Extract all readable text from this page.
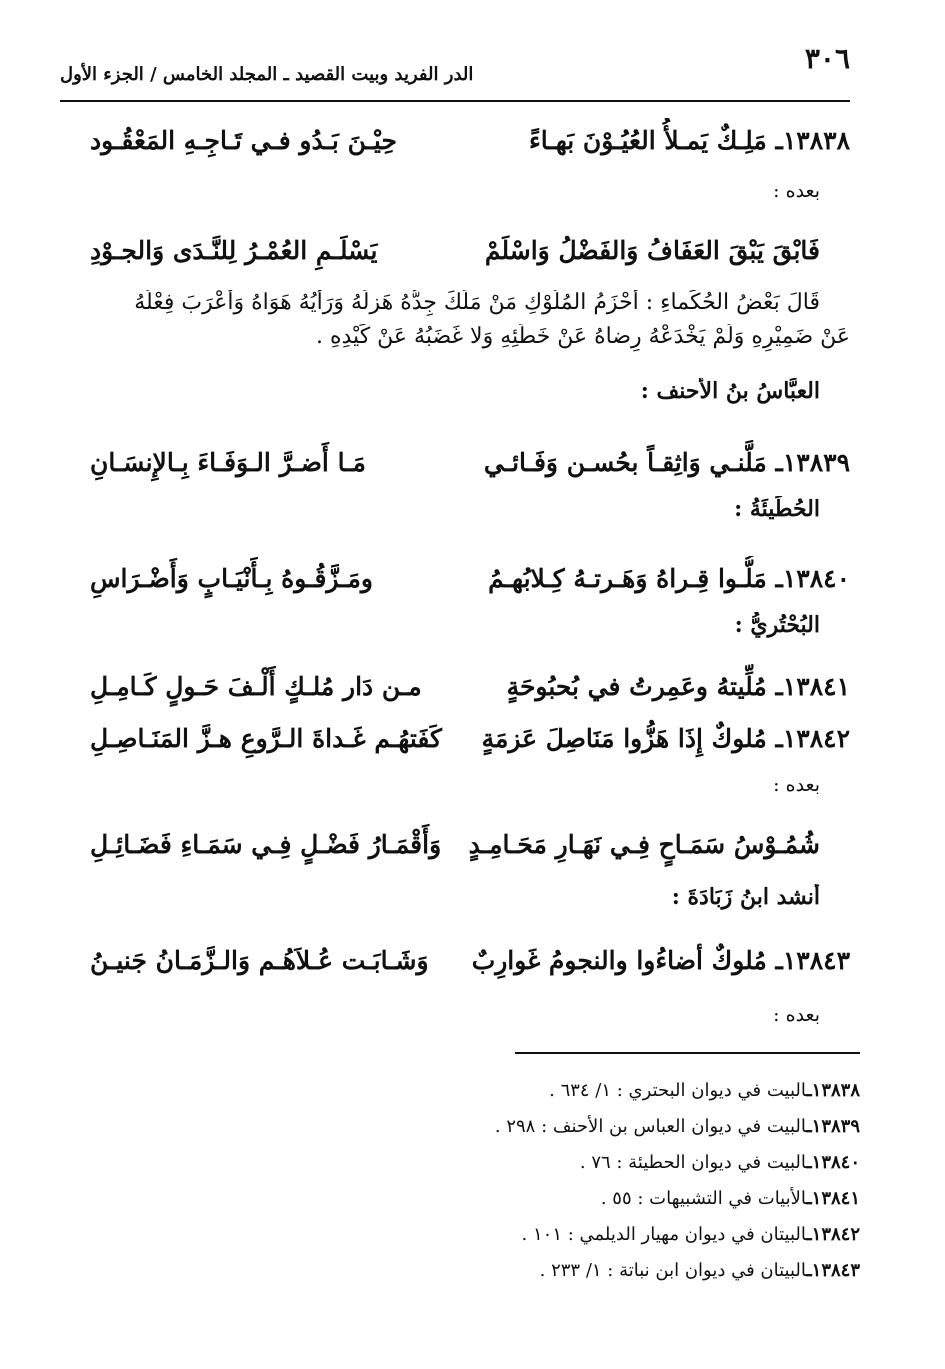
٣٠٦
الدر الفريد وبيت القصيد ـ المجلد الخامس / الجزء الأول
١٣٨٣٨ـ مَلِـكٌ يَمـلأُ العُيُـوْنَ بَهـاءً
حِيْـنَ بَـدُو فـي تَـاجِـهِ المَعْقُـود
بعده :
فَابْقَ يَبْقَ العَفَافُ وَالفَضْلُ وَاسْلَمْ
يَسْلَـمِ العُمْـرُ لِلنَّـدَى وَالجـوْدِ
قَالَ بَعْضُ الحُكَماءِ : أَحْزَمُ المُلُوْكِ مَنْ مَلَكَ جِدُّهُ هَزلَهُ وَرَأيُهُ هَوَاهُ وَأَعْرَبَ فِعْلُهُ
عَنْ ضَمِيْرِهِ وَلَمْ يَخْدَعْهُ رِضاهُ عَنْ خَطَئِهِ وَلا غَضَبُهُ عَنْ كَيْدِهِ .
العبَّاسُ بنُ الأحنف :
١٣٨٣٩ـ مَلَّنـي وَاثِقـاً بحُسـن وَفَـائـي
مَـا أَضـرَّ الـوَفَـاءَ بِـالإِنسَـانِ
الحُطَيئَةُ :
١٣٨٤٠ـ مَلُّـوا قِـراهُ وَهَـرتـهُ كِـلابُهـمُ
ومَـزَّقُـوهُ بِـأَنْيَـابٍ وَأَضْـرَاسِ
البُحْتُريُّ :
١٣٨٤١ـ مُلِّيتهُ وعَمِرتُ في بُحبُوحَةٍ
مـن دَار مُلـكٍ أَلْـفَ حَـولٍ كَـامِـلِ
١٣٨٤٢ـ مُلوكٌ إِذَا هَزُّوا مَنَاصِلَ عَزمَةٍ
كَفَتهُـم غَـداةَ الـرَّوعِ هـزَّ المَنَـاصِـلِ
بعده :
شُمُـوْسُ سَمَـاحٍ فِـي نَهَـارِ مَحَـامِـدٍ
وَأَقْمَـارُ فَضْـلٍ فِـي سَمَـاءِ فَضَـائِـلِ
أَنشد ابنُ زَبَادَةَ :
١٣٨٤٣ـ مُلوكٌ أضاءُوا والنجومُ غَوارِبٌ
وَشَـابَـت عُـلاَهُـم وَالـزَّمَـانُ جَنيـنُ
بعده :
١٣٨٣٨ـالبيت في ديوان البحتري : ١/ ٦٣٤ .
١٣٨٣٩ـالبيت في ديوان العباس بن الأحنف : ٢٩٨ .
١٣٨٤٠ـالبيت في ديوان الحطيئة : ٧٦ .
١٣٨٤١ـالأبيات في التشبيهات : ٥٥ .
١٣٨٤٢ـالبيتان في ديوان مهيار الديلمي : ١٠١ .
١٣٨٤٣ـالبيتان في ديوان ابن نباتة : ١/ ٢٣٣ .
